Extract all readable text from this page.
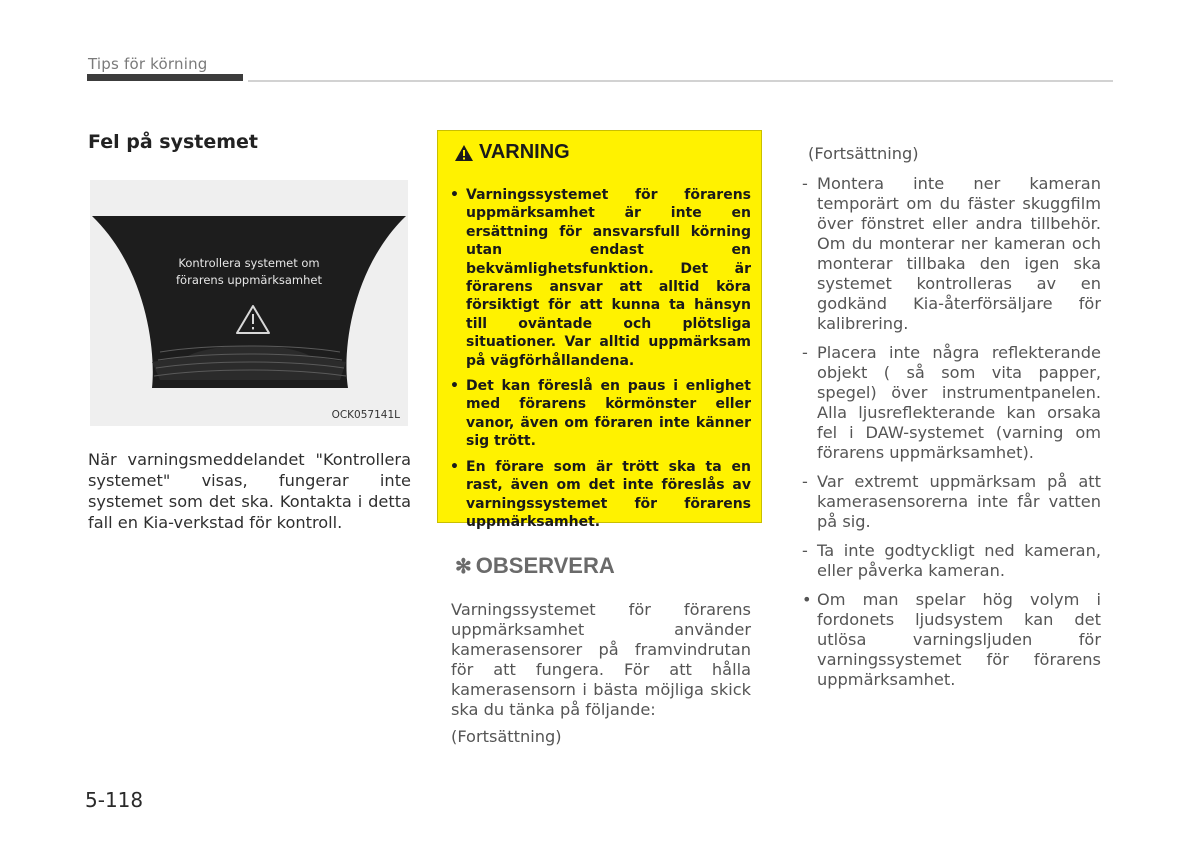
Tips för körning
Fel på systemet
Kontrollera systemet om
förarens uppmärksamhet
OCK057141L
När varningsmeddelandet "Kontrollera systemet" visas, fungerar inte systemet som det ska. Kontakta i detta fall en Kia-verkstad för kontroll.
VARNING
• Varningssystemet för förarens uppmärksamhet är inte en ersättning för ansvarsfull körning utan endast en bekvämlighetsfunktion. Det är förarens ansvar att alltid köra försiktigt för att kunna ta hänsyn till oväntade och plötsliga situationer. Var alltid uppmärksam på vägförhållandena.
• Det kan föreslå en paus i enlighet med förarens körmönster eller vanor, även om föraren inte känner sig trött.
• En förare som är trött ska ta en rast, även om det inte föreslås av varningssystemet för förarens uppmärksamhet.
✻ OBSERVERA
Varningssystemet för förarens uppmärksamhet använder kamerasensorer på framvindrutan för att fungera. För att hålla kamerasensorn i bästa möjliga skick ska du tänka på följande:
(Fortsättning)
(Fortsättning)
- Montera inte ner kameran temporärt om du fäster skuggfilm över fönstret eller andra tillbehör. Om du monterar ner kameran och monterar tillbaka den igen ska systemet kontrolleras av en godkänd Kia-återförsäljare för kalibrering.
- Placera inte några reflekterande objekt ( så som vita papper, spegel) över instrumentpanelen. Alla ljusreflekterande kan orsaka fel i DAW-systemet (varning om förarens uppmärksamhet).
- Var extremt uppmärksam på att kamerasensorerna inte får vatten på sig.
- Ta inte godtyckligt ned kameran, eller påverka kameran.
• Om man spelar hög volym i fordonets ljudsystem kan det utlösa varningsljuden för varningssystemet för förarens uppmärksamhet.
5-118
